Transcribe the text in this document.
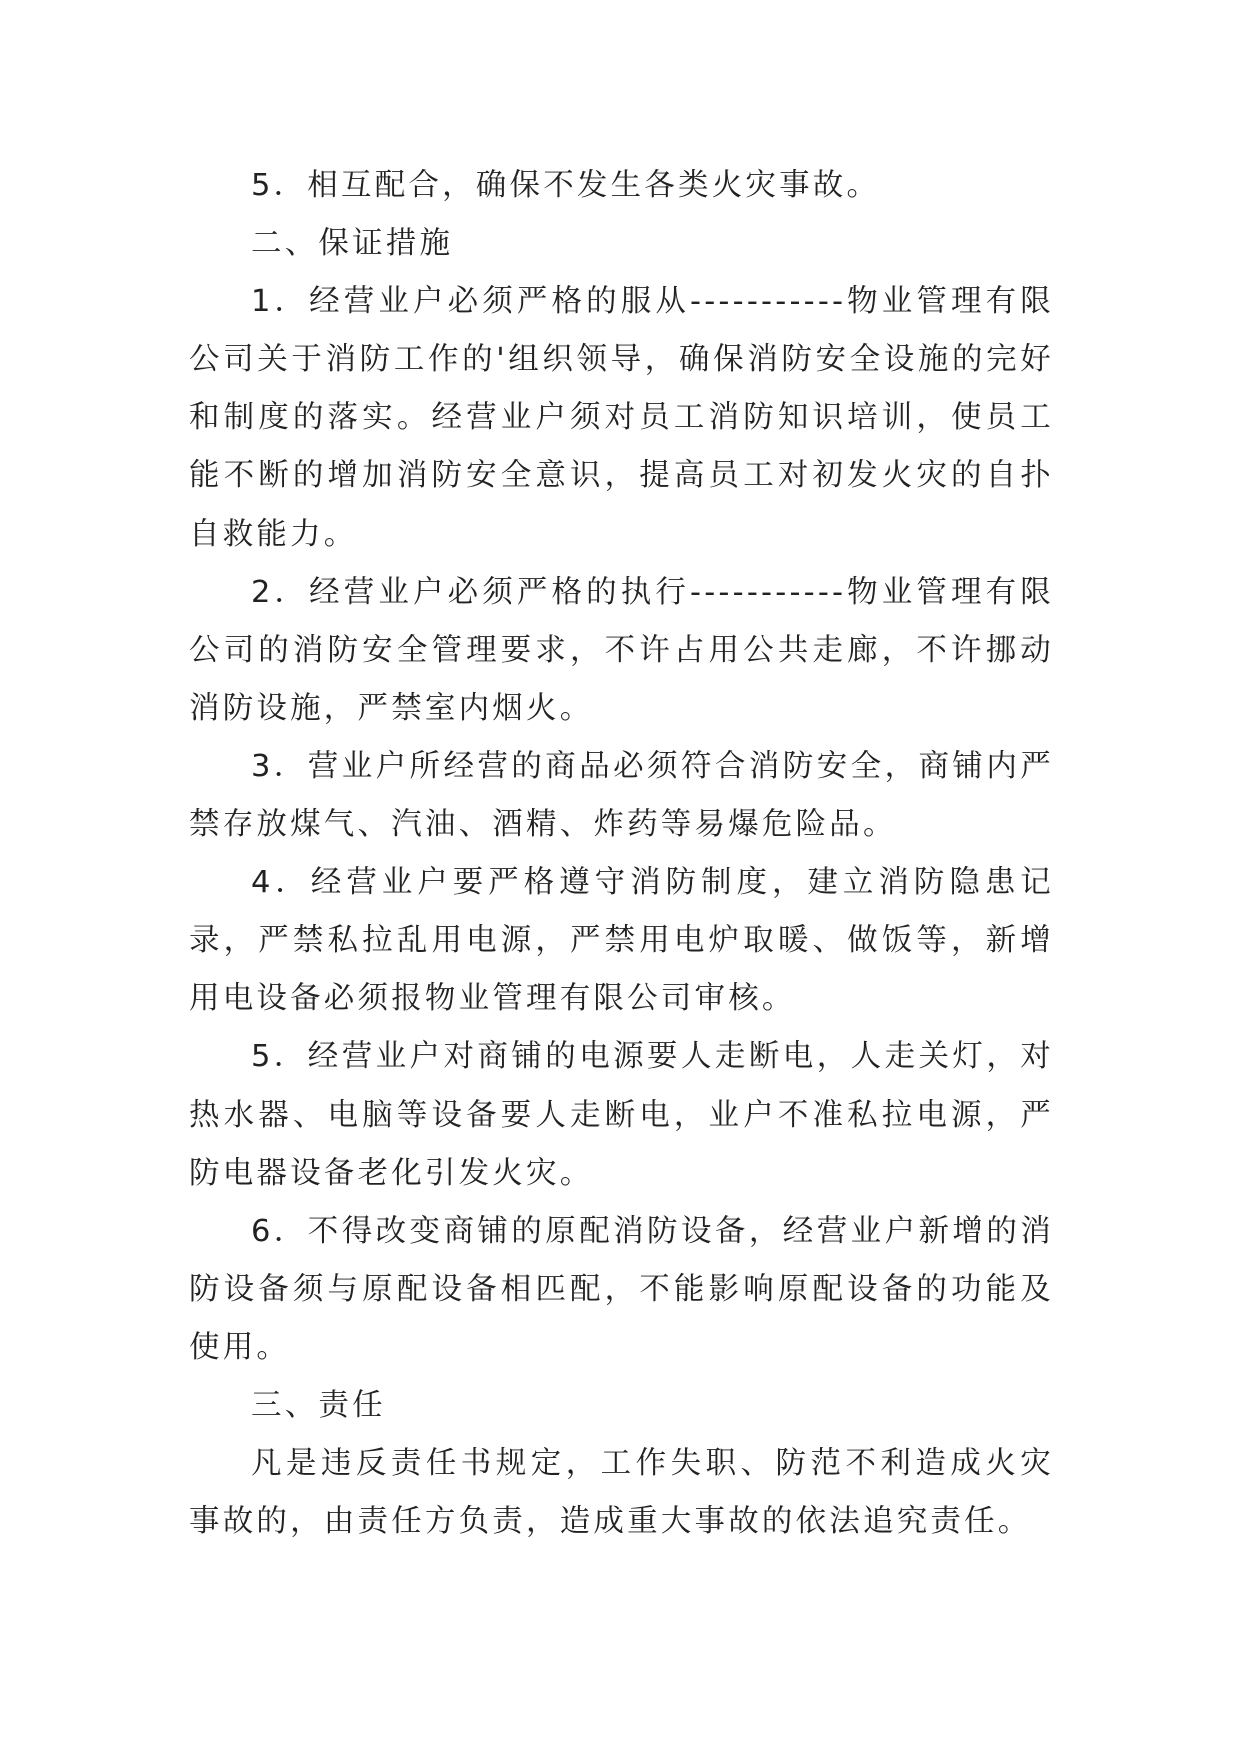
5．相互配合，确保不发生各类火灾事故。

二、保证措施

1．经营业户必须严格的服从-----------物业管理有限公司关于消防工作的'组织领导，确保消防安全设施的完好和制度的落实。经营业户须对员工消防知识培训，使员工能不断的增加消防安全意识，提高员工对初发火灾的自扑自救能力。

2．经营业户必须严格的执行-----------物业管理有限公司的消防安全管理要求，不许占用公共走廊，不许挪动消防设施，严禁室内烟火。

3．营业户所经营的商品必须符合消防安全，商铺内严禁存放煤气、汽油、酒精、炸药等易爆危险品。

4．经营业户要严格遵守消防制度，建立消防隐患记录，严禁私拉乱用电源，严禁用电炉取暖、做饭等，新增用电设备必须报物业管理有限公司审核。

5．经营业户对商铺的电源要人走断电，人走关灯，对热水器、电脑等设备要人走断电，业户不准私拉电源，严防电器设备老化引发火灾。

6．不得改变商铺的原配消防设备，经营业户新增的消防设备须与原配设备相匹配，不能影响原配设备的功能及使用。

三、责任

凡是违反责任书规定，工作失职、防范不利造成火灾事故的，由责任方负责，造成重大事故的依法追究责任。
